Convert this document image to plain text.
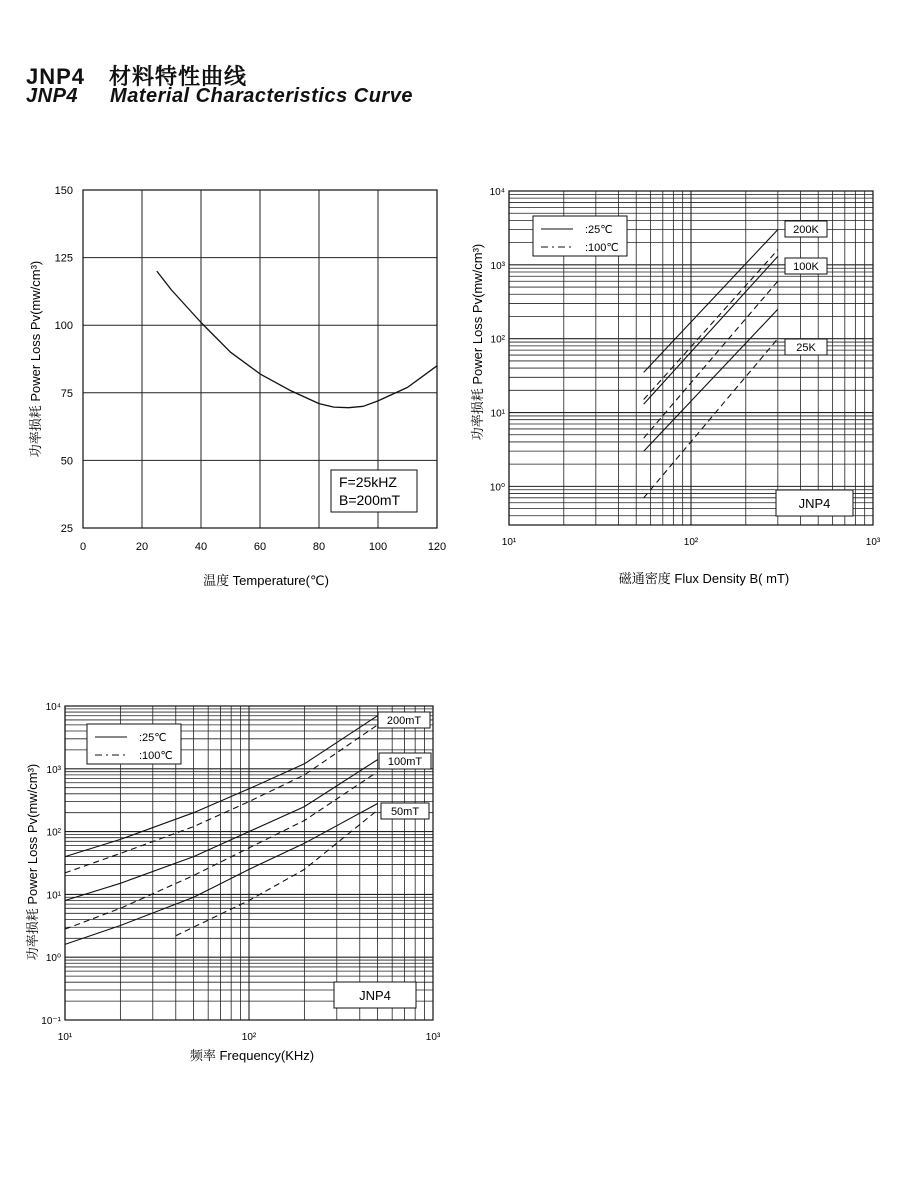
JNP4 材料特性曲线
JNP4 Material Characteristics Curve
0	20	40	60	80	100	120
25
50
75
100
125
150
F=25kHZ
B=200mT
温度 Temperature(℃)
功率损耗 Power Loss Pv(mw/cm³)
10¹	10²	10³
10⁰
10¹
10²
10³
10⁴
:25℃
:100℃
200K
100K
25K
JNP4
磁通密度 Flux Density B( mT)
功率损耗 Power Loss Pv(mw/cm³)
10¹	10²	10³
10⁻¹
10⁰
10¹
10²
10³
10⁴
:25℃
:100℃
200mT
100mT
50mT
JNP4
频率 Frequency(KHz)
功率损耗 Power Loss Pv(mw/cm³)
